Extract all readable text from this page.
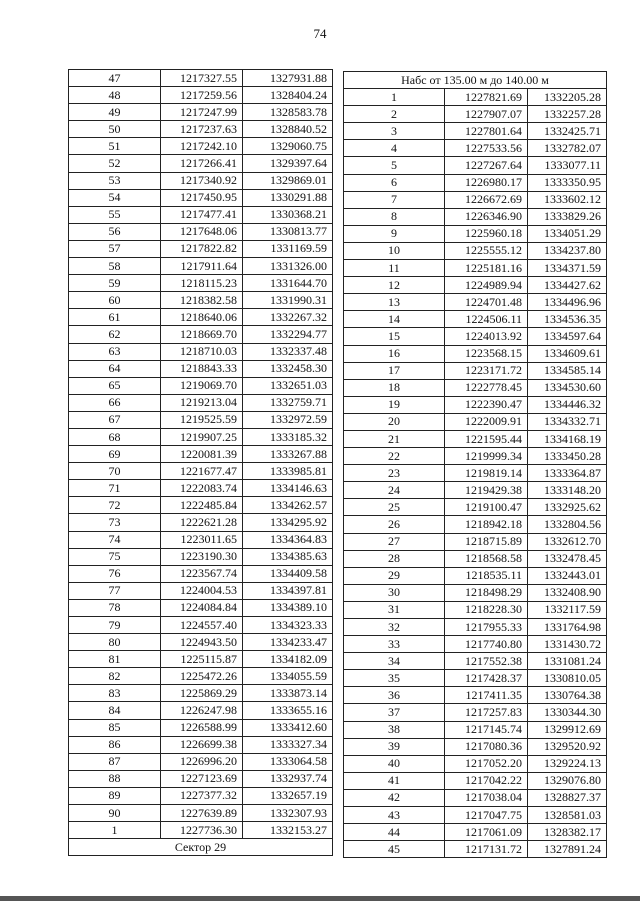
74
47	1217327.55	1327931.88
48	1217259.56	1328404.24
49	1217247.99	1328583.78
50	1217237.63	1328840.52
51	1217242.10	1329060.75
52	1217266.41	1329397.64
53	1217340.92	1329869.01
54	1217450.95	1330291.88
55	1217477.41	1330368.21
56	1217648.06	1330813.77
57	1217822.82	1331169.59
58	1217911.64	1331326.00
59	1218115.23	1331644.70
60	1218382.58	1331990.31
61	1218640.06	1332267.32
62	1218669.70	1332294.77
63	1218710.03	1332337.48
64	1218843.33	1332458.30
65	1219069.70	1332651.03
66	1219213.04	1332759.71
67	1219525.59	1332972.59
68	1219907.25	1333185.32
69	1220081.39	1333267.88
70	1221677.47	1333985.81
71	1222083.74	1334146.63
72	1222485.84	1334262.57
73	1222621.28	1334295.92
74	1223011.65	1334364.83
75	1223190.30	1334385.63
76	1223567.74	1334409.58
77	1224004.53	1334397.81
78	1224084.84	1334389.10
79	1224557.40	1334323.33
80	1224943.50	1334233.47
81	1225115.87	1334182.09
82	1225472.26	1334055.59
83	1225869.29	1333873.14
84	1226247.98	1333655.16
85	1226588.99	1333412.60
86	1226699.38	1333327.34
87	1226996.20	1333064.58
88	1227123.69	1332937.74
89	1227377.32	1332657.19
90	1227639.89	1332307.93
1	1227736.30	1332153.27
Сектор 29		
Набс от 135.00 м до 140.00 м		
1	1227821.69	1332205.28
2	1227907.07	1332257.28
3	1227801.64	1332425.71
4	1227533.56	1332782.07
5	1227267.64	1333077.11
6	1226980.17	1333350.95
7	1226672.69	1333602.12
8	1226346.90	1333829.26
9	1225960.18	1334051.29
10	1225555.12	1334237.80
11	1225181.16	1334371.59
12	1224989.94	1334427.62
13	1224701.48	1334496.96
14	1224506.11	1334536.35
15	1224013.92	1334597.64
16	1223568.15	1334609.61
17	1223171.72	1334585.14
18	1222778.45	1334530.60
19	1222390.47	1334446.32
20	1222009.91	1334332.71
21	1221595.44	1334168.19
22	1219999.34	1333450.28
23	1219819.14	1333364.87
24	1219429.38	1333148.20
25	1219100.47	1332925.62
26	1218942.18	1332804.56
27	1218715.89	1332612.70
28	1218568.58	1332478.45
29	1218535.11	1332443.01
30	1218498.29	1332408.90
31	1218228.30	1332117.59
32	1217955.33	1331764.98
33	1217740.80	1331430.72
34	1217552.38	1331081.24
35	1217428.37	1330810.05
36	1217411.35	1330764.38
37	1217257.83	1330344.30
38	1217145.74	1329912.69
39	1217080.36	1329520.92
40	1217052.20	1329224.13
41	1217042.22	1329076.80
42	1217038.04	1328827.37
43	1217047.75	1328581.03
44	1217061.09	1328382.17
45	1217131.72	1327891.24
